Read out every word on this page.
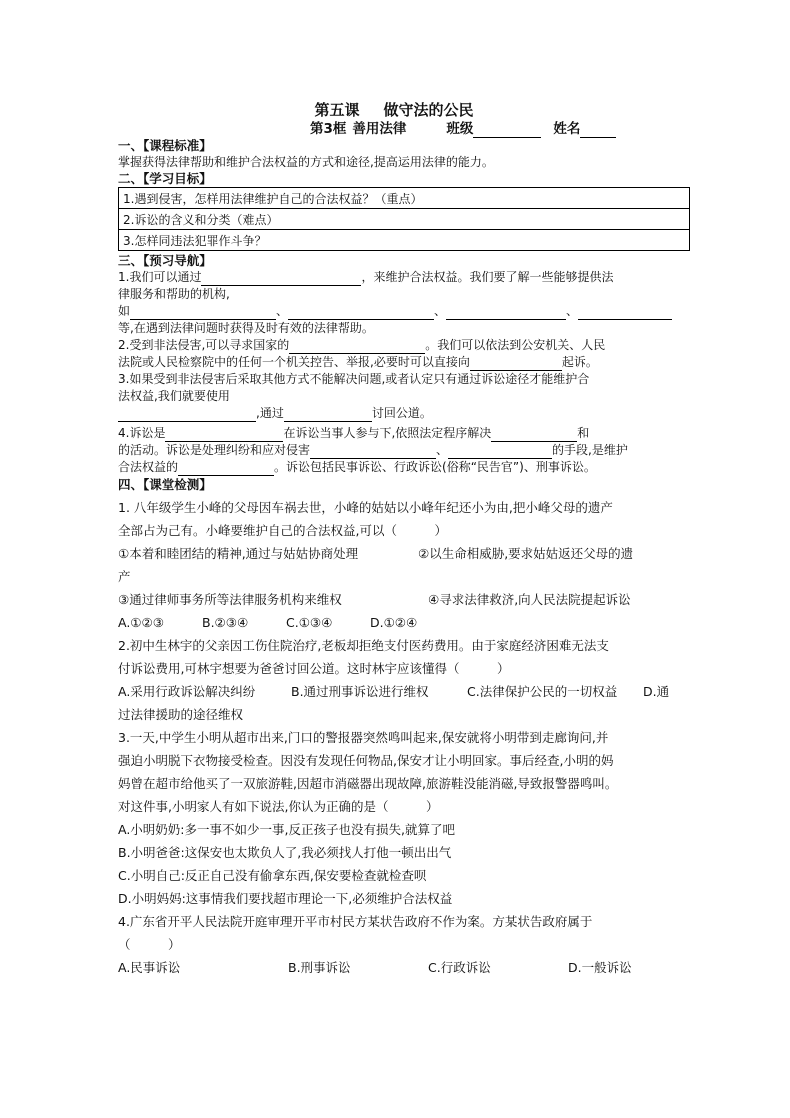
第五课 做守法的公民
第3框 善用法律	班级	姓名
一、【课程标准】
掌握获得法律帮助和维护合法权益的方式和途径,提高运用法律的能力。
二、【学习目标】
1.遇到侵害，怎样用法律维护自己的合法权益？（重点）
2.诉讼的含义和分类（难点）
3.怎样同违法犯罪作斗争？
三、【预习导航】
1.我们可以通过	，来维护合法权益。我们要了解一些能够提供法
律服务和帮助的机构,
如	、	、	、
等,在遇到法律问题时获得及时有效的法律帮助。
2.受到非法侵害,可以寻求国家的	。我们可以依法到公安机关、人民
法院或人民检察院中的任何一个机关控告、举报,必要时可以直接向	起诉。
3.如果受到非法侵害后采取其他方式不能解决问题,或者认定只有通过诉讼途径才能维护合
法权益,我们就要使用
,通过	讨回公道。
4.诉讼是	在诉讼当事人参与下,依照法定程序解决	和
的活动。诉讼是处理纠纷和应对侵害	、	的手段,是维护
合法权益的	。诉讼包括民事诉讼、行政诉讼(俗称“民告官”)、刑事诉讼。
四、【课堂检测】
1. 八年级学生小峰的父母因车祸去世，小峰的姑姑以小峰年纪还小为由,把小峰父母的遗产
全部占为己有。小峰要维护自己的合法权益,可以（　　　）
①本着和睦团结的精神,通过与姑姑协商处理	②以生命相威胁,要求姑姑返还父母的遗
产
③通过律师事务所等法律服务机构来维权	④寻求法律救济,向人民法院提起诉讼
A.①②③	B.②③④	C.①③④	D.①②④
2.初中生林宇的父亲因工伤住院治疗,老板却拒绝支付医药费用。由于家庭经济困难无法支
付诉讼费用,可林宇想要为爸爸讨回公道。这时林宇应该懂得（　　　）
A.采用行政诉讼解决纠纷	B.通过刑事诉讼进行维权	C.法律保护公民的一切权益 D.通
过法律援助的途径维权
3.一天,中学生小明从超市出来,门口的警报器突然鸣叫起来,保安就将小明带到走廊询问,并
强迫小明脱下衣物接受检查。因没有发现任何物品,保安才让小明回家。事后经查,小明的妈
妈曾在超市给他买了一双旅游鞋,因超市消磁器出现故障,旅游鞋没能消磁,导致报警器鸣叫。
对这件事,小明家人有如下说法,你认为正确的是（　　　）
A.小明奶奶:多一事不如少一事,反正孩子也没有损失,就算了吧
B.小明爸爸:这保安也太欺负人了,我必须找人打他一顿出出气
C.小明自己:反正自己没有偷拿东西,保安要检查就检查呗
D.小明妈妈:这事情我们要找超市理论一下,必须维护合法权益
4.广东省开平人民法院开庭审理开平市村民方某状告政府不作为案。方某状告政府属于
（　　　）
A.民事诉讼	B.刑事诉讼	C.行政诉讼	D.一般诉讼
